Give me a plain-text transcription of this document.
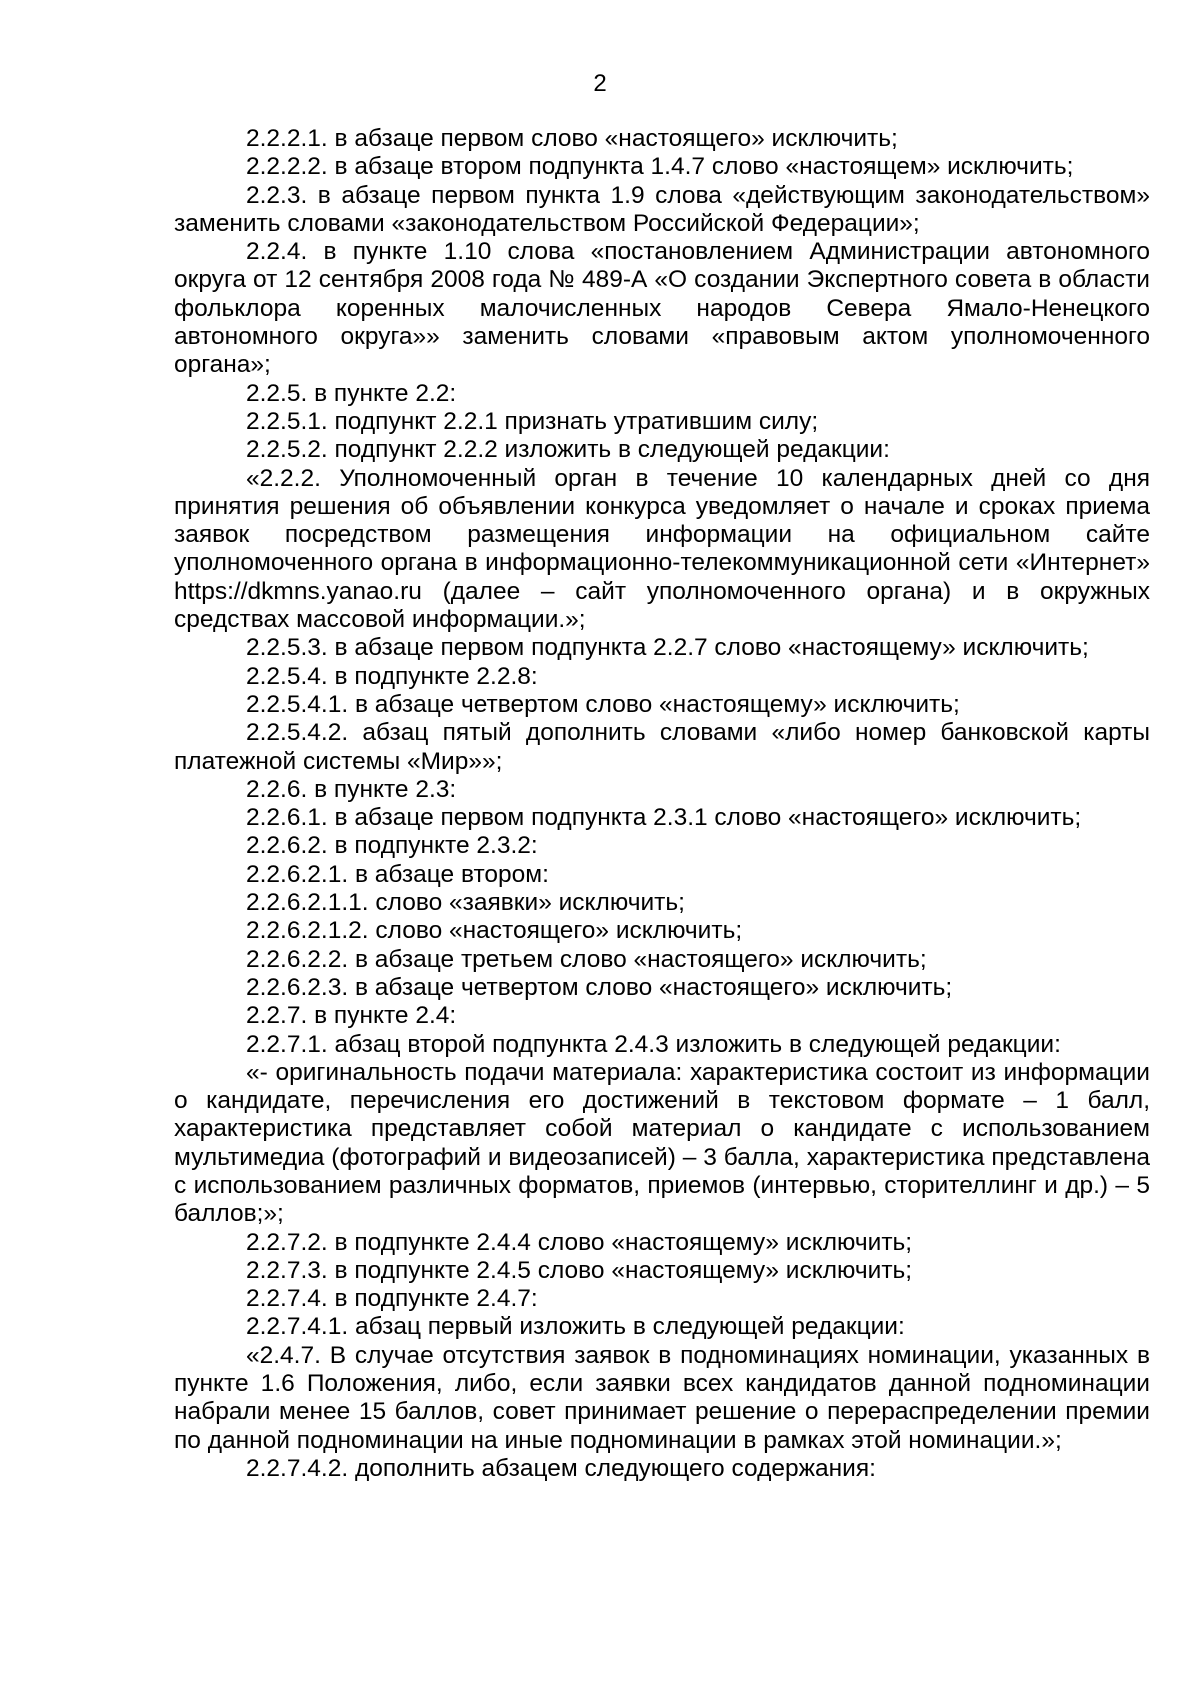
2

2.2.2.1. в абзаце первом слово «настоящего» исключить;

2.2.2.2. в абзаце втором подпункта 1.4.7 слово «настоящем» исключить;

2.2.3. в абзаце первом пункта 1.9 слова «действующим законодательством» заменить словами «законодательством Российской Федерации»;

2.2.4. в пункте 1.10 слова «постановлением Администрации автономного округа от 12 сентября 2008 года № 489-А «О создании Экспертного совета в области фольклора коренных малочисленных народов Севера Ямало-Ненецкого автономного округа»» заменить словами «правовым актом уполномоченного органа»;

2.2.5. в пункте 2.2:

2.2.5.1. подпункт 2.2.1 признать утратившим силу;

2.2.5.2. подпункт 2.2.2 изложить в следующей редакции:

«2.2.2. Уполномоченный орган в течение 10 календарных дней со дня принятия решения об объявлении конкурса уведомляет о начале и сроках приема заявок посредством размещения информации на официальном сайте уполномоченного органа в информационно-телекоммуникационной сети «Интернет» https://dkmns.yanao.ru (далее – сайт уполномоченного органа) и в окружных средствах массовой информации.»;

2.2.5.3. в абзаце первом подпункта 2.2.7 слово «настоящему» исключить;

2.2.5.4. в подпункте 2.2.8:

2.2.5.4.1. в абзаце четвертом слово «настоящему» исключить;

2.2.5.4.2. абзац пятый дополнить словами «либо номер банковской карты платежной системы «Мир»»;

2.2.6. в пункте 2.3:

2.2.6.1. в абзаце первом подпункта 2.3.1 слово «настоящего» исключить;

2.2.6.2. в подпункте 2.3.2:

2.2.6.2.1. в абзаце втором:

2.2.6.2.1.1. слово «заявки» исключить;

2.2.6.2.1.2. слово «настоящего» исключить;

2.2.6.2.2. в абзаце третьем слово «настоящего» исключить;

2.2.6.2.3. в абзаце четвертом слово «настоящего» исключить;

2.2.7. в пункте 2.4:

2.2.7.1. абзац второй подпункта 2.4.3 изложить в следующей редакции:

«- оригинальность подачи материала: характеристика состоит из информации о кандидате, перечисления его достижений в текстовом формате – 1 балл, характеристика представляет собой материал о кандидате с использованием мультимедиа (фотографий и видеозаписей) – 3 балла, характеристика представлена с использованием различных форматов, приемов (интервью, сторителлинг и др.) – 5 баллов;»;

2.2.7.2. в подпункте 2.4.4 слово «настоящему» исключить;

2.2.7.3. в подпункте 2.4.5 слово «настоящему» исключить;

2.2.7.4. в подпункте 2.4.7:

2.2.7.4.1. абзац первый изложить в следующей редакции:

«2.4.7. В случае отсутствия заявок в подноминациях номинации, указанных в пункте 1.6 Положения, либо, если заявки всех кандидатов данной подноминации набрали менее 15 баллов, совет принимает решение о перераспределении премии по данной подноминации на иные подноминации в рамках этой номинации.»;

2.2.7.4.2. дополнить абзацем следующего содержания:
